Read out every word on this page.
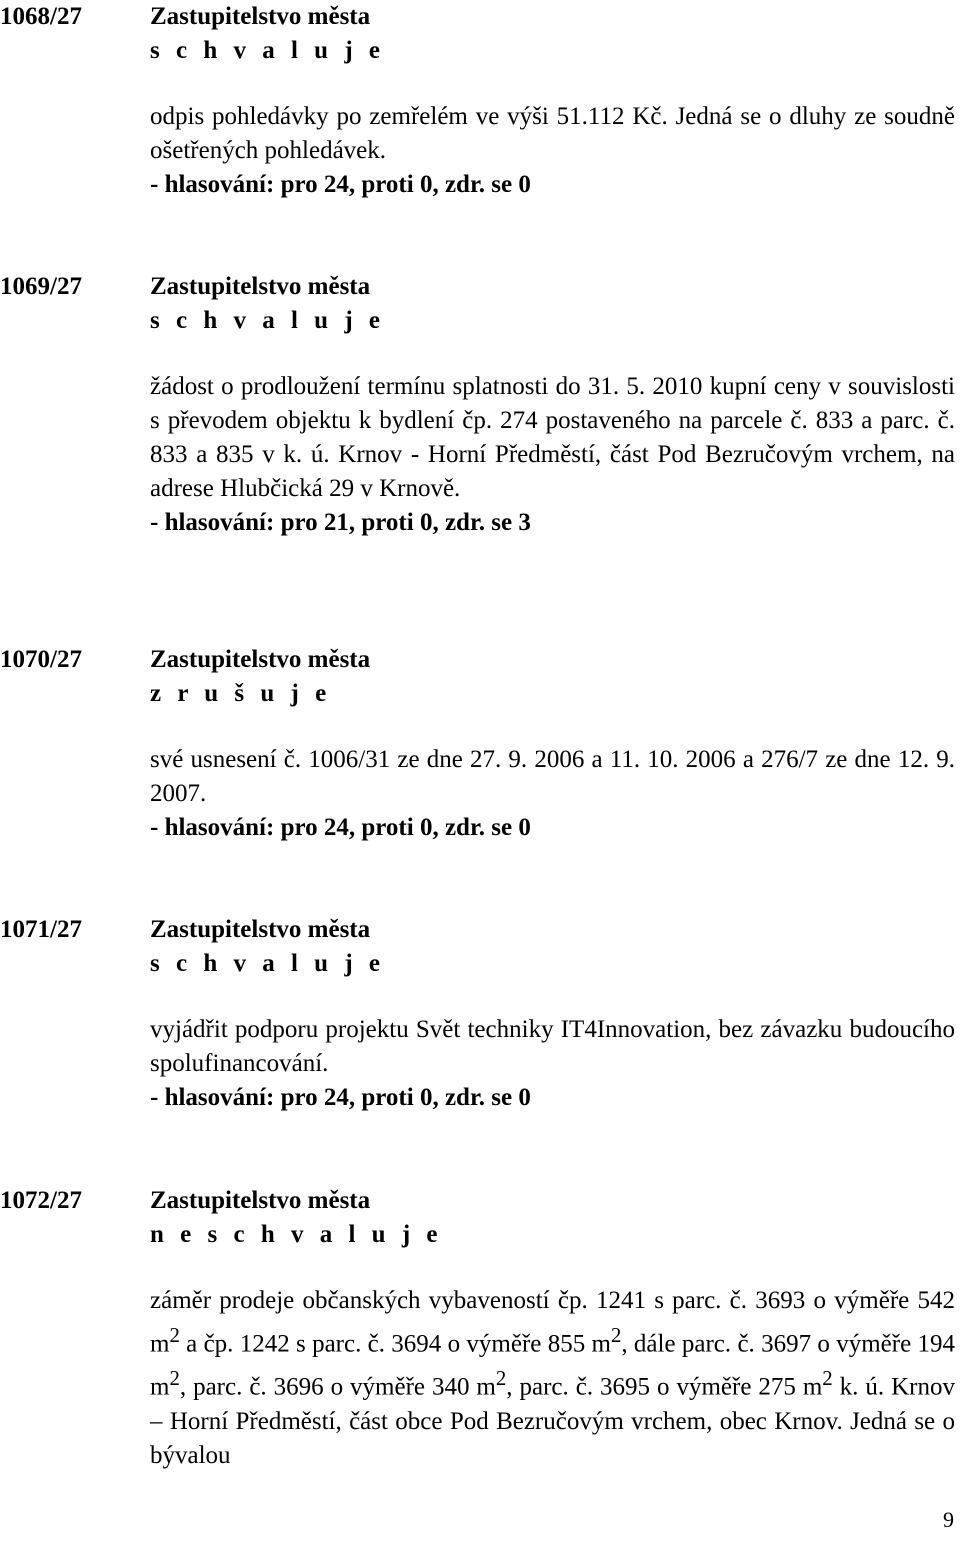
1068/27	Zastupitelstvo města

s c h v a l u j e

odpis pohledávky po zemřelém ve výši 51.112 Kč. Jedná se o dluhy ze soudně ošetřených pohledávek.

- hlasování: pro 24, proti 0, zdr. se 0

1069/27	Zastupitelstvo města

s c h v a l u j e

žádost o prodloužení termínu splatnosti do 31. 5. 2010 kupní ceny v souvislosti s převodem objektu k bydlení čp. 274 postaveného na parcele č. 833 a parc. č. 833 a 835 v k. ú. Krnov - Horní Předměstí, část Pod Bezručovým vrchem, na adrese Hlubčická 29 v Krnově.

- hlasování: pro 21, proti 0, zdr. se 3

1070/27	Zastupitelstvo města

z r u š u j e

své usnesení č. 1006/31 ze dne 27. 9. 2006 a 11. 10. 2006 a 276/7 ze dne 12. 9. 2007.

- hlasování: pro 24, proti 0, zdr. se 0

1071/27	Zastupitelstvo města

s c h v a l u j e

vyjádřit podporu projektu Svět techniky IT4Innovation, bez závazku budoucího spolufinancování.

- hlasování: pro 24, proti 0, zdr. se 0

1072/27	Zastupitelstvo města

n e s c h v a l u j e

záměr prodeje občanských vybaveností čp. 1241 s parc. č. 3693 o výměře 542 $m^2$ a čp. 1242 s parc. č. 3694 o výměře 855 $m^2$, dále parc. č. 3697 o výměře 194 $m^2$, parc. č. 3696 o výměře 340 $m^2$, parc. č. 3695 o výměře 275 $m^2$ k. ú. Krnov – Horní Předměstí, část obce Pod Bezručovým vrchem, obec Krnov. Jedná se o bývalou

9
